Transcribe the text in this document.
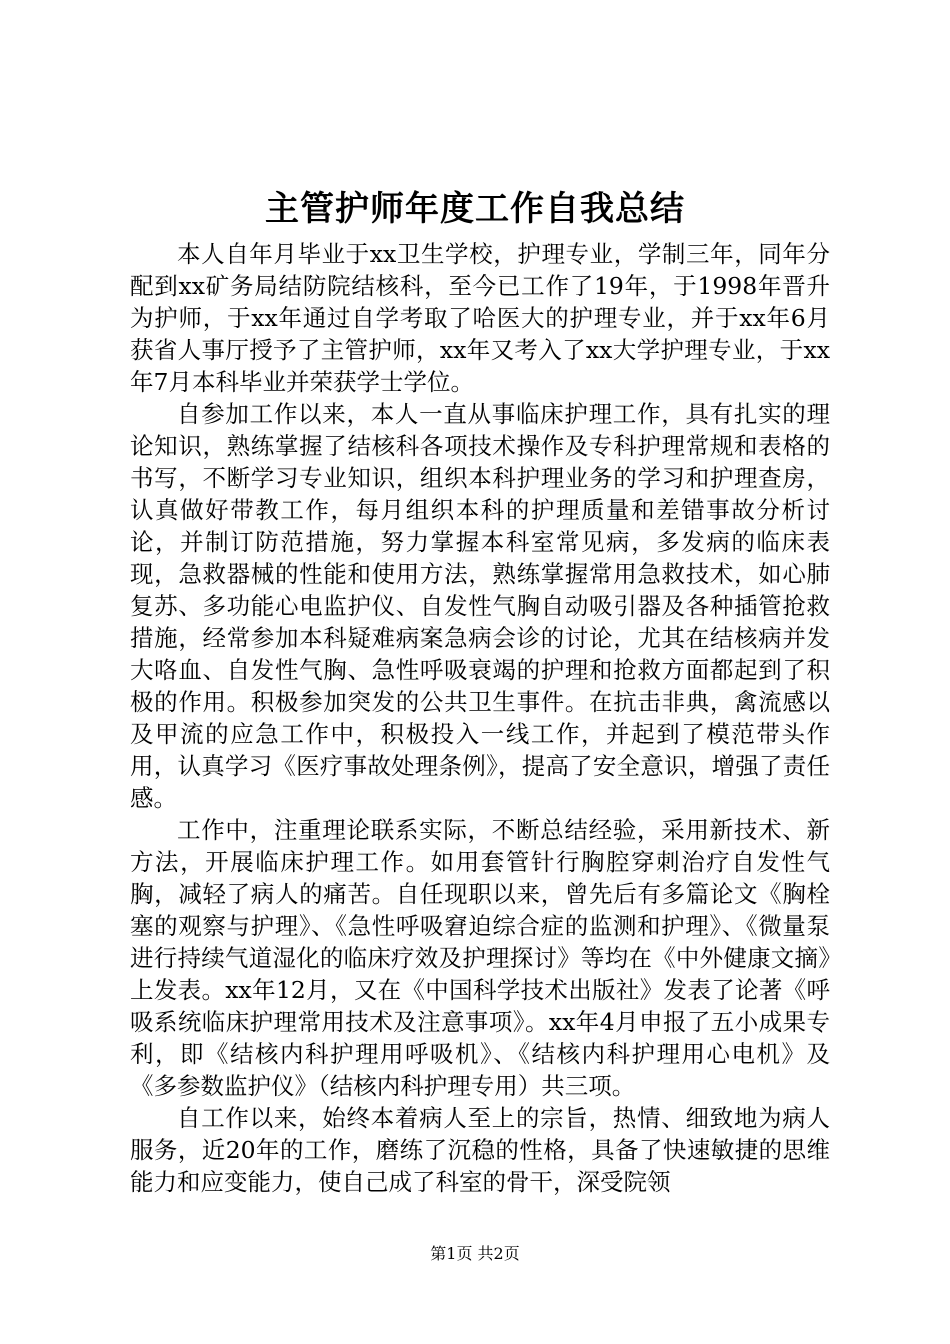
主管护师年度工作自我总结

本人自年月毕业于xx卫生学校，护理专业，学制三年，同年分配到xx矿务局结防院结核科，至今已工作了19年，于1998年晋升为护师，于xx年通过自学考取了哈医大的护理专业，并于xx年6月获省人事厅授予了主管护师，xx年又考入了xx大学护理专业，于xx年7月本科毕业并荣获学士学位。

自参加工作以来，本人一直从事临床护理工作，具有扎实的理论知识，熟练掌握了结核科各项技术操作及专科护理常规和表格的书写，不断学习专业知识，组织本科护理业务的学习和护理查房，认真做好带教工作，每月组织本科的护理质量和差错事故分析讨论，并制订防范措施，努力掌握本科室常见病，多发病的临床表现，急救器械的性能和使用方法，熟练掌握常用急救技术，如心肺复苏、多功能心电监护仪、自发性气胸自动吸引器及各种插管抢救措施，经常参加本科疑难病案急病会诊的讨论，尤其在结核病并发大咯血、自发性气胸、急性呼吸衰竭的护理和抢救方面都起到了积极的作用。积极参加突发的公共卫生事件。在抗击非典，禽流感以及甲流的应急工作中，积极投入一线工作，并起到了模范带头作用，认真学习《医疗事故处理条例》，提高了安全意识，增强了责任感。

工作中，注重理论联系实际，不断总结经验，采用新技术、新方法，开展临床护理工作。如用套管针行胸腔穿刺治疗自发性气胸，减轻了病人的痛苦。自任现职以来，曾先后有多篇论文《胸栓塞的观察与护理》、《急性呼吸窘迫综合症的监测和护理》、《微量泵进行持续气道湿化的临床疗效及护理探讨》等均在《中外健康文摘》上发表。xx年12月，又在《中国科学技术出版社》发表了论著《呼吸系统临床护理常用技术及注意事项》。xx年4月申报了五小成果专利，即《结核内科护理用呼吸机》、《结核内科护理用心电机》及《多参数监护仪》（结核内科护理专用）共三项。

自工作以来，始终本着病人至上的宗旨，热情、细致地为病人服务，近20年的工作，磨练了沉稳的性格，具备了快速敏捷的思维能力和应变能力，使自己成了科室的骨干，深受院领

第1页 共2页
